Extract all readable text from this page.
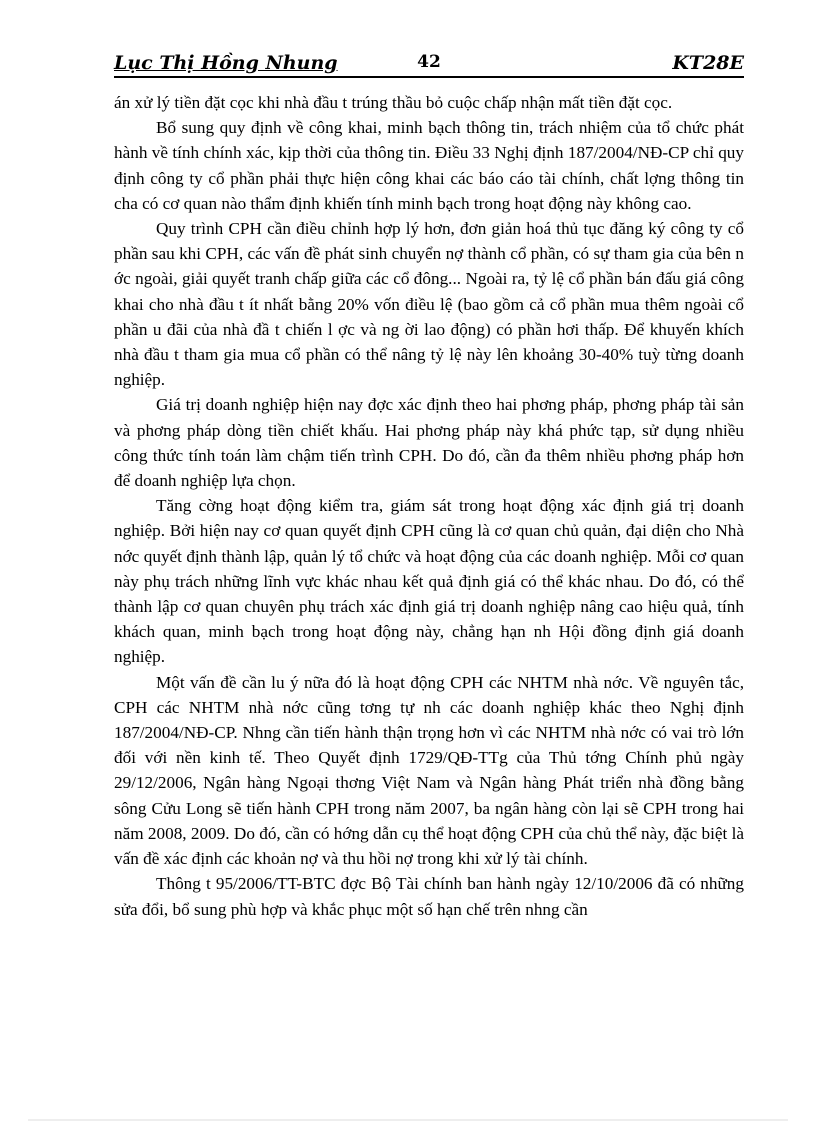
Lục Thị Hồng Nhung	42	KT28E

án xử lý tiền đặt cọc khi nhà đầu t trúng thầu bỏ cuộc chấp nhận mất tiền đặt cọc.

Bổ sung quy định về công khai, minh bạch thông tin, trách nhiệm của tổ chức phát hành về tính chính xác, kịp thời của thông tin. Điều 33 Nghị định 187/2004/NĐ-CP chỉ quy định công ty cổ phần phải thực hiện công khai các báo cáo tài chính, chất lợng thông tin cha có cơ quan nào thẩm định khiến tính minh bạch trong hoạt động này không cao.

Quy trình CPH cần điều chỉnh hợp lý hơn, đơn giản hoá thủ tục đăng ký công ty cổ phần sau khi CPH, các vấn đề phát sinh chuyển nợ thành cổ phần, có sự tham gia của bên n ớc ngoài, giải quyết tranh chấp giữa các cổ đông... Ngoài ra, tỷ lệ cổ phần bán đấu giá công khai cho nhà đầu t ít nhất bằng 20% vốn điều lệ (bao gồm cả cổ phần mua thêm ngoài cổ phần u đãi của nhà đầ t chiến l ợc và ng ời lao động) có phần hơi thấp. Để khuyến khích nhà đầu t tham gia mua cổ phần có thể nâng tỷ lệ này lên khoảng 30-40% tuỳ từng doanh nghiệp.

Giá trị doanh nghiệp hiện nay đợc xác định theo hai phơng pháp, phơng pháp tài sản và phơng pháp dòng tiền chiết khấu. Hai phơng pháp này khá phức tạp, sử dụng nhiều công thức tính toán làm chậm tiến trình CPH. Do đó, cần đa thêm nhiều phơng pháp hơn để doanh nghiệp lựa chọn.

Tăng cờng hoạt động kiểm tra, giám sát trong hoạt động xác định giá trị doanh nghiệp. Bởi hiện nay cơ quan quyết định CPH cũng là cơ quan chủ quản, đại diện cho Nhà nớc quyết định thành lập, quản lý tổ chức và hoạt động của các doanh nghiệp. Mỗi cơ quan này phụ trách những lĩnh vực khác nhau kết quả định giá có thể khác nhau. Do đó, có thể thành lập cơ quan chuyên phụ trách xác định giá trị doanh nghiệp nâng cao hiệu quả, tính khách quan, minh bạch trong hoạt động này, chẳng hạn nh Hội đồng định giá doanh nghiệp.

Một vấn đề cần lu ý nữa đó là hoạt động CPH các NHTM nhà nớc. Về nguyên tắc, CPH các NHTM nhà nớc cũng tơng tự nh các doanh nghiệp khác theo Nghị định 187/2004/NĐ-CP. Nhng cần tiến hành thận trọng hơn vì các NHTM nhà nớc có vai trò lớn đối với nền kinh tế. Theo Quyết định 1729/QĐ-TTg của Thủ tớng Chính phủ ngày 29/12/2006, Ngân hàng Ngoại thơng Việt Nam và Ngân hàng Phát triển nhà đồng bằng sông Cửu Long sẽ tiến hành CPH trong năm 2007, ba ngân hàng còn lại sẽ CPH trong hai năm 2008, 2009. Do đó, cần có hớng dẫn cụ thể hoạt động CPH của chủ thể này, đặc biệt là vấn đề xác định các khoản nợ và thu hồi nợ trong khi xử lý tài chính.

Thông t 95/2006/TT-BTC đợc Bộ Tài chính ban hành ngày 12/10/2006 đã có những sửa đổi, bổ sung phù hợp và khắc phục một số hạn chế trên nhng cần
